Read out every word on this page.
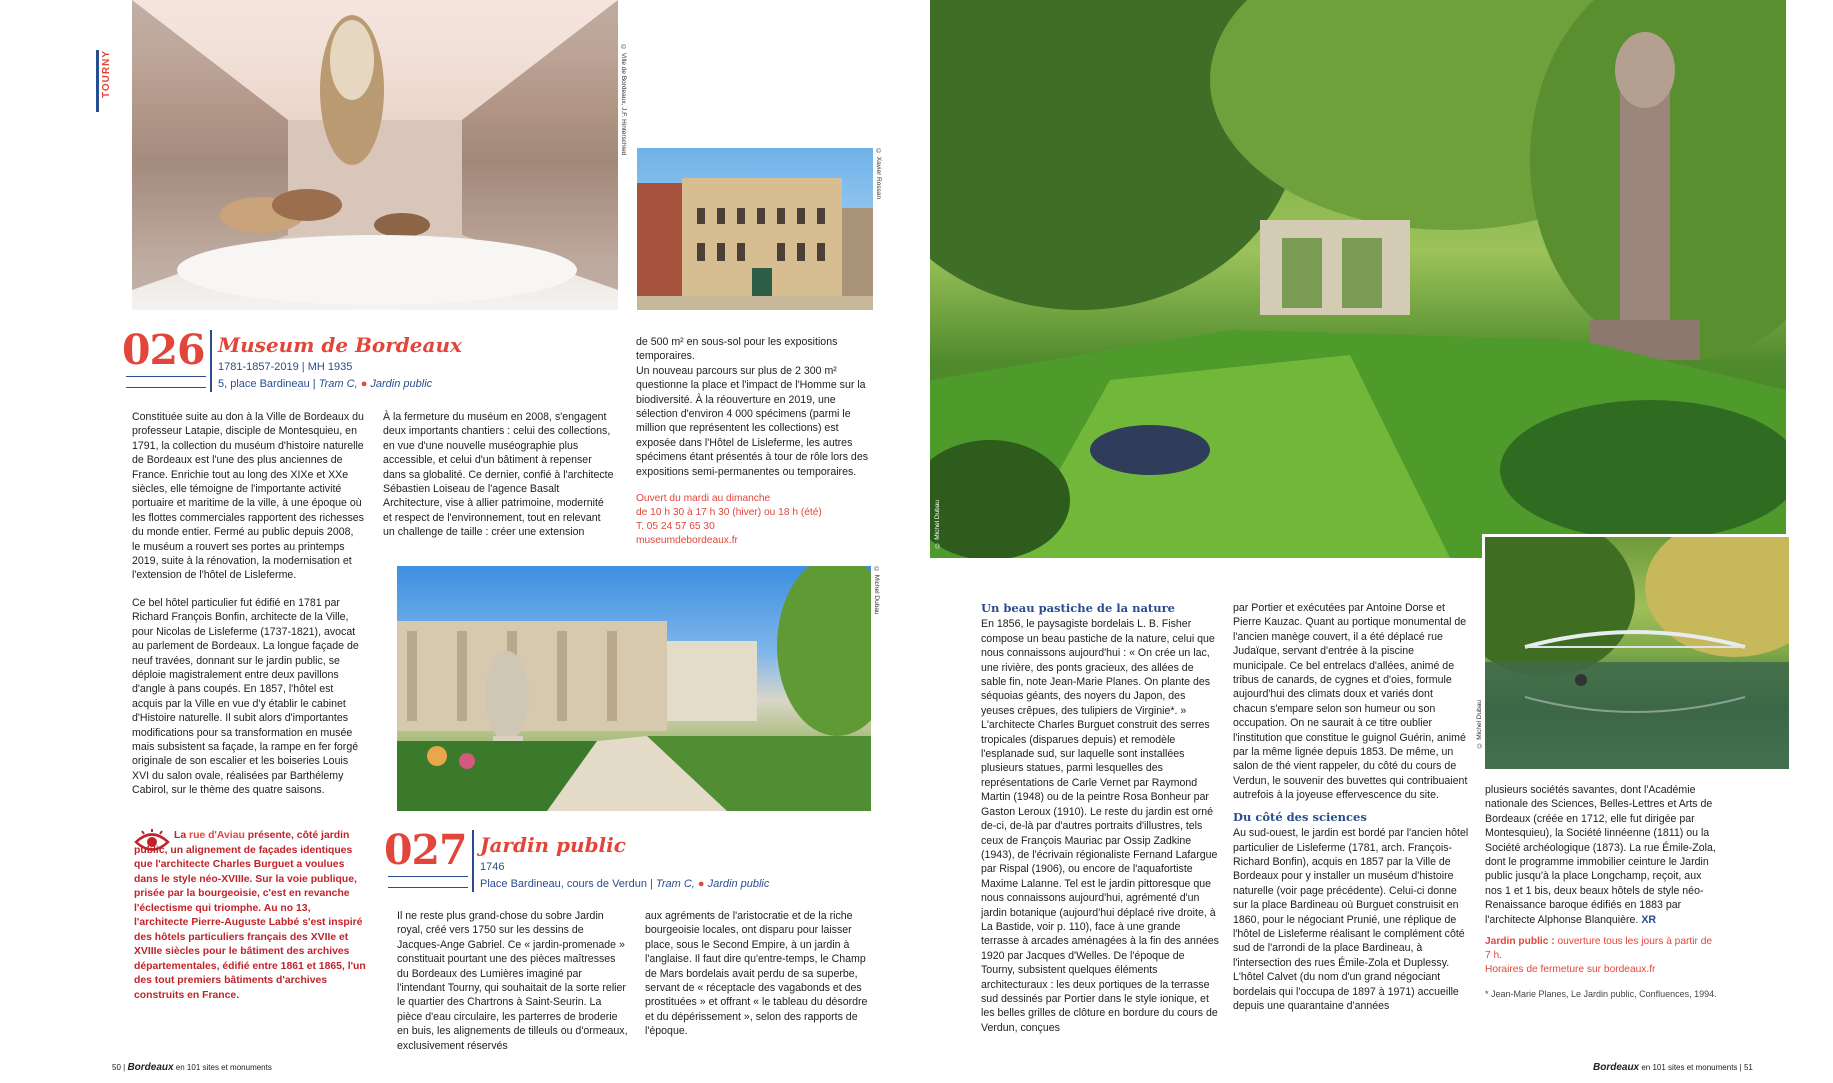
TOURNY	© Ville de Bordeaux, J.F. Hinterschied
© Xavier Rossan
026 Museum de Bordeaux
1781-1857-2019 | MH 1935
5, place Bardineau | Tram C, ● Jardin public

Constituée suite au don à la Ville de Bordeaux du professeur Latapie, disciple de Montesquieu, en 1791, la collection du muséum d'histoire naturelle de Bordeaux est l'une des plus anciennes de France. Enrichie tout au long des XIXe et XXe siècles, elle témoigne de l'importante activité portuaire et maritime de la ville, à une époque où les flottes commerciales rapportent des richesses du monde entier. Fermé au public depuis 2008, le muséum a rouvert ses portes au printemps 2019, suite à la rénovation, la modernisation et l'extension de l'hôtel de Lisleferme.

Ce bel hôtel particulier fut édifié en 1781 par Richard François Bonfin, architecte de la Ville, pour Nicolas de Lisleferme (1737-1821), avocat au parlement de Bordeaux. La longue façade de neuf travées, donnant sur le jardin public, se déploie magistralement entre deux pavillons d'angle à pans coupés. En 1857, l'hôtel est acquis par la Ville en vue d'y établir le cabinet d'Histoire naturelle. Il subit alors d'importantes modifications pour sa transformation en musée mais subsistent sa façade, la rampe en fer forgé originale de son escalier et les boiseries Louis XVI du salon ovale, réalisées par Barthélemy Cabirol, sur le thème des quatre saisons.

À la fermeture du muséum en 2008, s'engagent deux importants chantiers : celui des collections, en vue d'une nouvelle muséographie plus accessible, et celui d'un bâtiment à repenser dans sa globalité. Ce dernier, confié à l'architecte Sébastien Loiseau de l'agence Basalt Architecture, vise à allier patrimoine, modernité et respect de l'environnement, tout en relevant un challenge de taille : créer une extension

de 500 m² en sous-sol pour les expositions temporaires.

Un nouveau parcours sur plus de 2 300 m² questionne la place et l'impact de l'Homme sur la biodiversité. À la réouverture en 2019, une sélection d'environ 4 000 spécimens (parmi le million que représentent les collections) est exposée dans l'Hôtel de Lisleferme, les autres spécimens étant présentés à tour de rôle lors des expositions semi-permanentes ou temporaires.

Ouvert du mardi au dimanche
de 10 h 30 à 17 h 30 (hiver) ou 18 h (été)
T. 05 24 57 65 30
museumdebordeaux.fr
© Michel Dubau
La rue d'Aviau présente, côté jardin public, un alignement de façades identiques que l'architecte Charles Burguet a voulues dans le style néo-XVIIIe. Sur la voie publique, prisée par la bourgeoisie, c'est en revanche l'éclectisme qui triomphe. Au no 13, l'architecte Pierre-Auguste Labbé s'est inspiré des hôtels particuliers français des XVIIe et XVIIIe siècles pour le bâtiment des archives départementales, édifié entre 1861 et 1865, l'un des tout premiers bâtiments d'archives construits en France.
027 Jardin public
1746
Place Bardineau, cours de Verdun | Tram C, ● Jardin public

Il ne reste plus grand-chose du sobre Jardin royal, créé vers 1750 sur les dessins de Jacques-Ange Gabriel. Ce « jardin-promenade » constituait pourtant une des pièces maîtresses du Bordeaux des Lumières imaginé par l'intendant Tourny, qui souhaitait de la sorte relier le quartier des Chartrons à Saint-Seurin. La pièce d'eau circulaire, les parterres de broderie en buis, les alignements de tilleuls ou d'ormeaux, exclusivement réservés

aux agréments de l'aristocratie et de la riche bourgeoisie locales, ont disparu pour laisser place, sous le Second Empire, à un jardin à l'anglaise. Il faut dire qu'entre-temps, le Champ de Mars bordelais avait perdu de sa superbe, servant de « réceptacle des vagabonds et des prostituées » et offrant « le tableau du désordre et du dépérissement », selon des rapports de l'époque.

50 | Bordeaux en 101 sites et monuments
© Michel Dubau
© Michel Dubau
Un beau pastiche de la nature

En 1856, le paysagiste bordelais L. B. Fisher compose un beau pastiche de la nature, celui que nous connaissons aujourd'hui : « On crée un lac, une rivière, des ponts gracieux, des allées de sable fin, note Jean-Marie Planes. On plante des séquoias géants, des noyers du Japon, des yeuses crêpues, des tulipiers de Virginie*. » L'architecte Charles Burguet construit des serres tropicales (disparues depuis) et remodèle l'esplanade sud, sur laquelle sont installées plusieurs statues, parmi lesquelles des représentations de Carle Vernet par Raymond Martin (1948) ou de la peintre Rosa Bonheur par Gaston Leroux (1910). Le reste du jardin est orné de-ci, de-là par d'autres portraits d'illustres, tels ceux de François Mauriac par Ossip Zadkine (1943), de l'écrivain régionaliste Fernand Lafargue par Rispal (1906), ou encore de l'aquafortiste Maxime Lalanne. Tel est le jardin pittoresque que nous connaissons aujourd'hui, agrémenté d'un jardin botanique (aujourd'hui déplacé rive droite, à La Bastide, voir p. 110), face à une grande terrasse à arcades aménagées à la fin des années 1920 par Jacques d'Welles. De l'époque de Tourny, subsistent quelques éléments architecturaux : les deux portiques de la terrasse sud dessinés par Portier dans le style ionique, et les belles grilles de clôture en bordure du cours de Verdun, conçues

par Portier et exécutées par Antoine Dorse et Pierre Kauzac. Quant au portique monumental de l'ancien manège couvert, il a été déplacé rue Judaïque, servant d'entrée à la piscine municipale. Ce bel entrelacs d'allées, animé de tribus de canards, de cygnes et d'oies, formule aujourd'hui des climats doux et variés dont chacun s'empare selon son humeur ou son occupation. On ne saurait à ce titre oublier l'institution que constitue le guignol Guérin, animé par la même lignée depuis 1853. De même, un salon de thé vient rappeler, du côté du cours de Verdun, le souvenir des buvettes qui contribuaient autrefois à la joyeuse effervescence du site.

Du côté des sciences

Au sud-ouest, le jardin est bordé par l'ancien hôtel particulier de Lisleferme (1781, arch. François-Richard Bonfin), acquis en 1857 par la Ville de Bordeaux pour y installer un muséum d'histoire naturelle (voir page précédente). Celui-ci donne sur la place Bardineau où Burguet construisit en 1860, pour le négociant Prunié, une réplique de l'hôtel de Lisleferme réalisant le complément côté sud de l'arrondi de la place Bardineau, à l'intersection des rues Émile-Zola et Duplessy. L'hôtel Calvet (du nom d'un grand négociant bordelais qui l'occupa de 1897 à 1971) accueille depuis une quarantaine d'années

plusieurs sociétés savantes, dont l'Académie nationale des Sciences, Belles-Lettres et Arts de Bordeaux (créée en 1712, elle fut dirigée par Montesquieu), la Société linnéenne (1811) ou la Société archéologique (1873). La rue Émile-Zola, dont le programme immobilier ceinture le Jardin public jusqu'à la place Longchamp, reçoit, aux nos 1 et 1 bis, deux beaux hôtels de style néo-Renaissance baroque édifiés en 1883 par l'architecte Alphonse Blanquière. XR

Jardin public : ouverture tous les jours à partir de 7 h.
Horaires de fermeture sur bordeaux.fr
* Jean-Marie Planes, Le Jardin public, Confluences, 1994.
Bordeaux en 101 sites et monuments | 51
